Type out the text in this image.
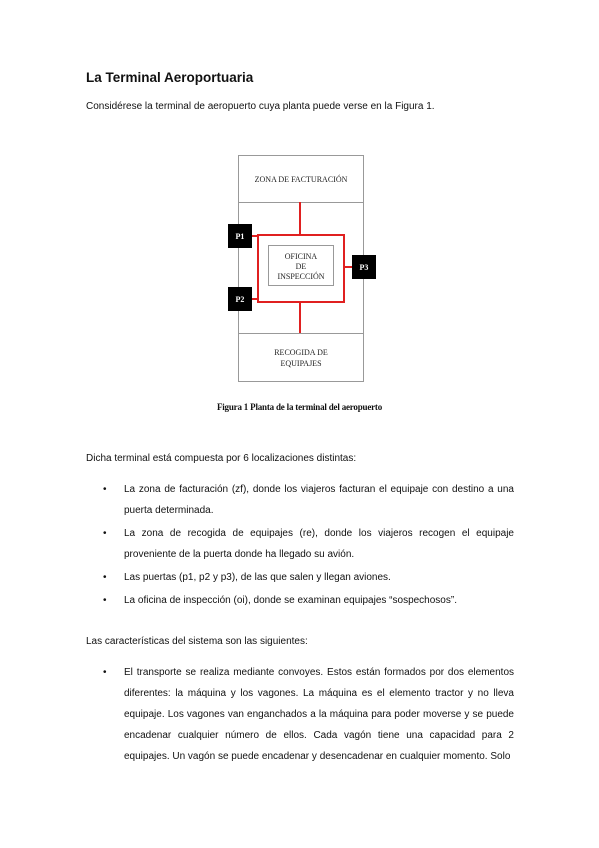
La Terminal Aeroportuaria
Considérese la terminal de aeropuerto cuya planta puede verse en la Figura 1.
ZONA DE FACTURACIÓN
OFICINA
DE
INSPECCIÓN
RECOGIDA DE
EQUIPAJES
P1
P2
P3
Figura 1 Planta de la terminal del aeropuerto
Dicha terminal está compuesta por 6 localizaciones distintas:
• La zona de facturación (zf), donde los viajeros facturan el equipaje con destino a una puerta determinada.
• La zona de recogida de equipajes (re), donde los viajeros recogen el equipaje proveniente de la puerta donde ha llegado su avión.
• Las puertas (p1, p2 y p3), de las que salen y llegan aviones.
• La oficina de inspección (oi), donde se examinan equipajes “sospechosos”.
Las características del sistema son las siguientes:
• El transporte se realiza mediante convoyes. Estos están formados por dos elementos diferentes: la máquina y los vagones. La máquina es el elemento tractor y no lleva equipaje. Los vagones van enganchados a la máquina para poder moverse y se puede encadenar cualquier número de ellos. Cada vagón tiene una capacidad para 2 equipajes. Un vagón se puede encadenar y desencadenar en cualquier momento. Solo
